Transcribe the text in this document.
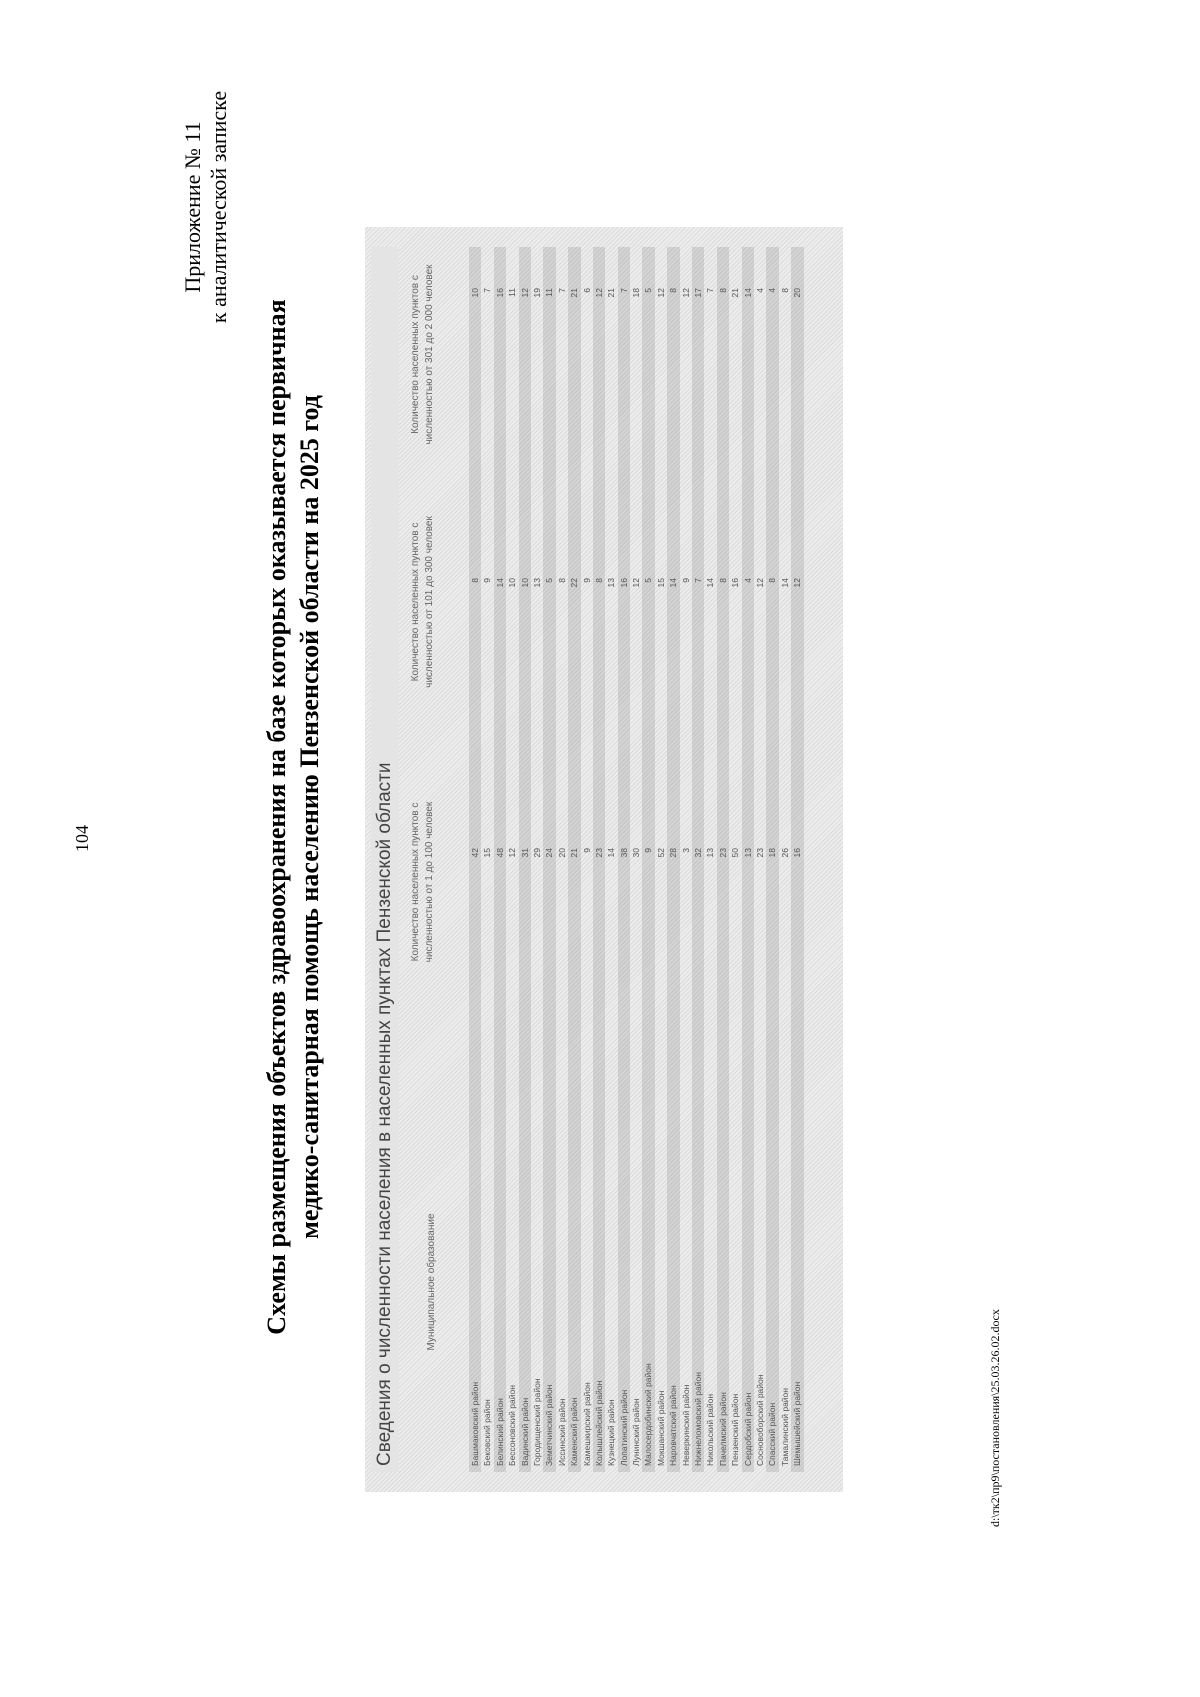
104
Приложение № 11 к аналитической записке
Схемы размещения объектов здравоохранения на базе которых оказывается первичная медико-санитарная помощь населению Пензенской области на 2025 год	Сведения о численности населения в населенных пунктах Пензенской области	Муниципальное образование
Количество населенных пунктов с численностью от 1 до 100 человек
Количество населенных пунктов с численностью от 101 до 300 человек
Количество населенных пунктов с численностью от 301 до 2 000 человек
Башмаковский район
42
8
10
Бековский район
15
9
7
Белинский район
48
14
16
Бессоновский район
12
10
11
Вадинский район
31
10
12
Городищенский район
29
13
19
Земетчинский район
24
5
11
Иссинский район
20
8
7
Каменский район
21
22
21
Камешкирский район
9
9
6
Колышлейский район
23
8
12
Кузнецкий район
14
13
21
Лопатинский район
38
16
7
Лунинский район
30
12
18
Малосердобинский район
9
5
5
Мокшанский район
52
15
12
Наровчатский район
28
14
8
Неверкинский район
3
9
12
Нижнеломовский район
32
7
17
Никольский район
13
14
7
Пачелмский район
23
8
8
Пензенский район
50
16
21
Сердобский район
13
4
14
Сосновоборский район
23
12
4
Спасский район
18
8
4
Тамалинский район
26
14
8
Шемышейский район
16
12
20
d:\тк2\пр9\постановления\25.03.26.02.docx
